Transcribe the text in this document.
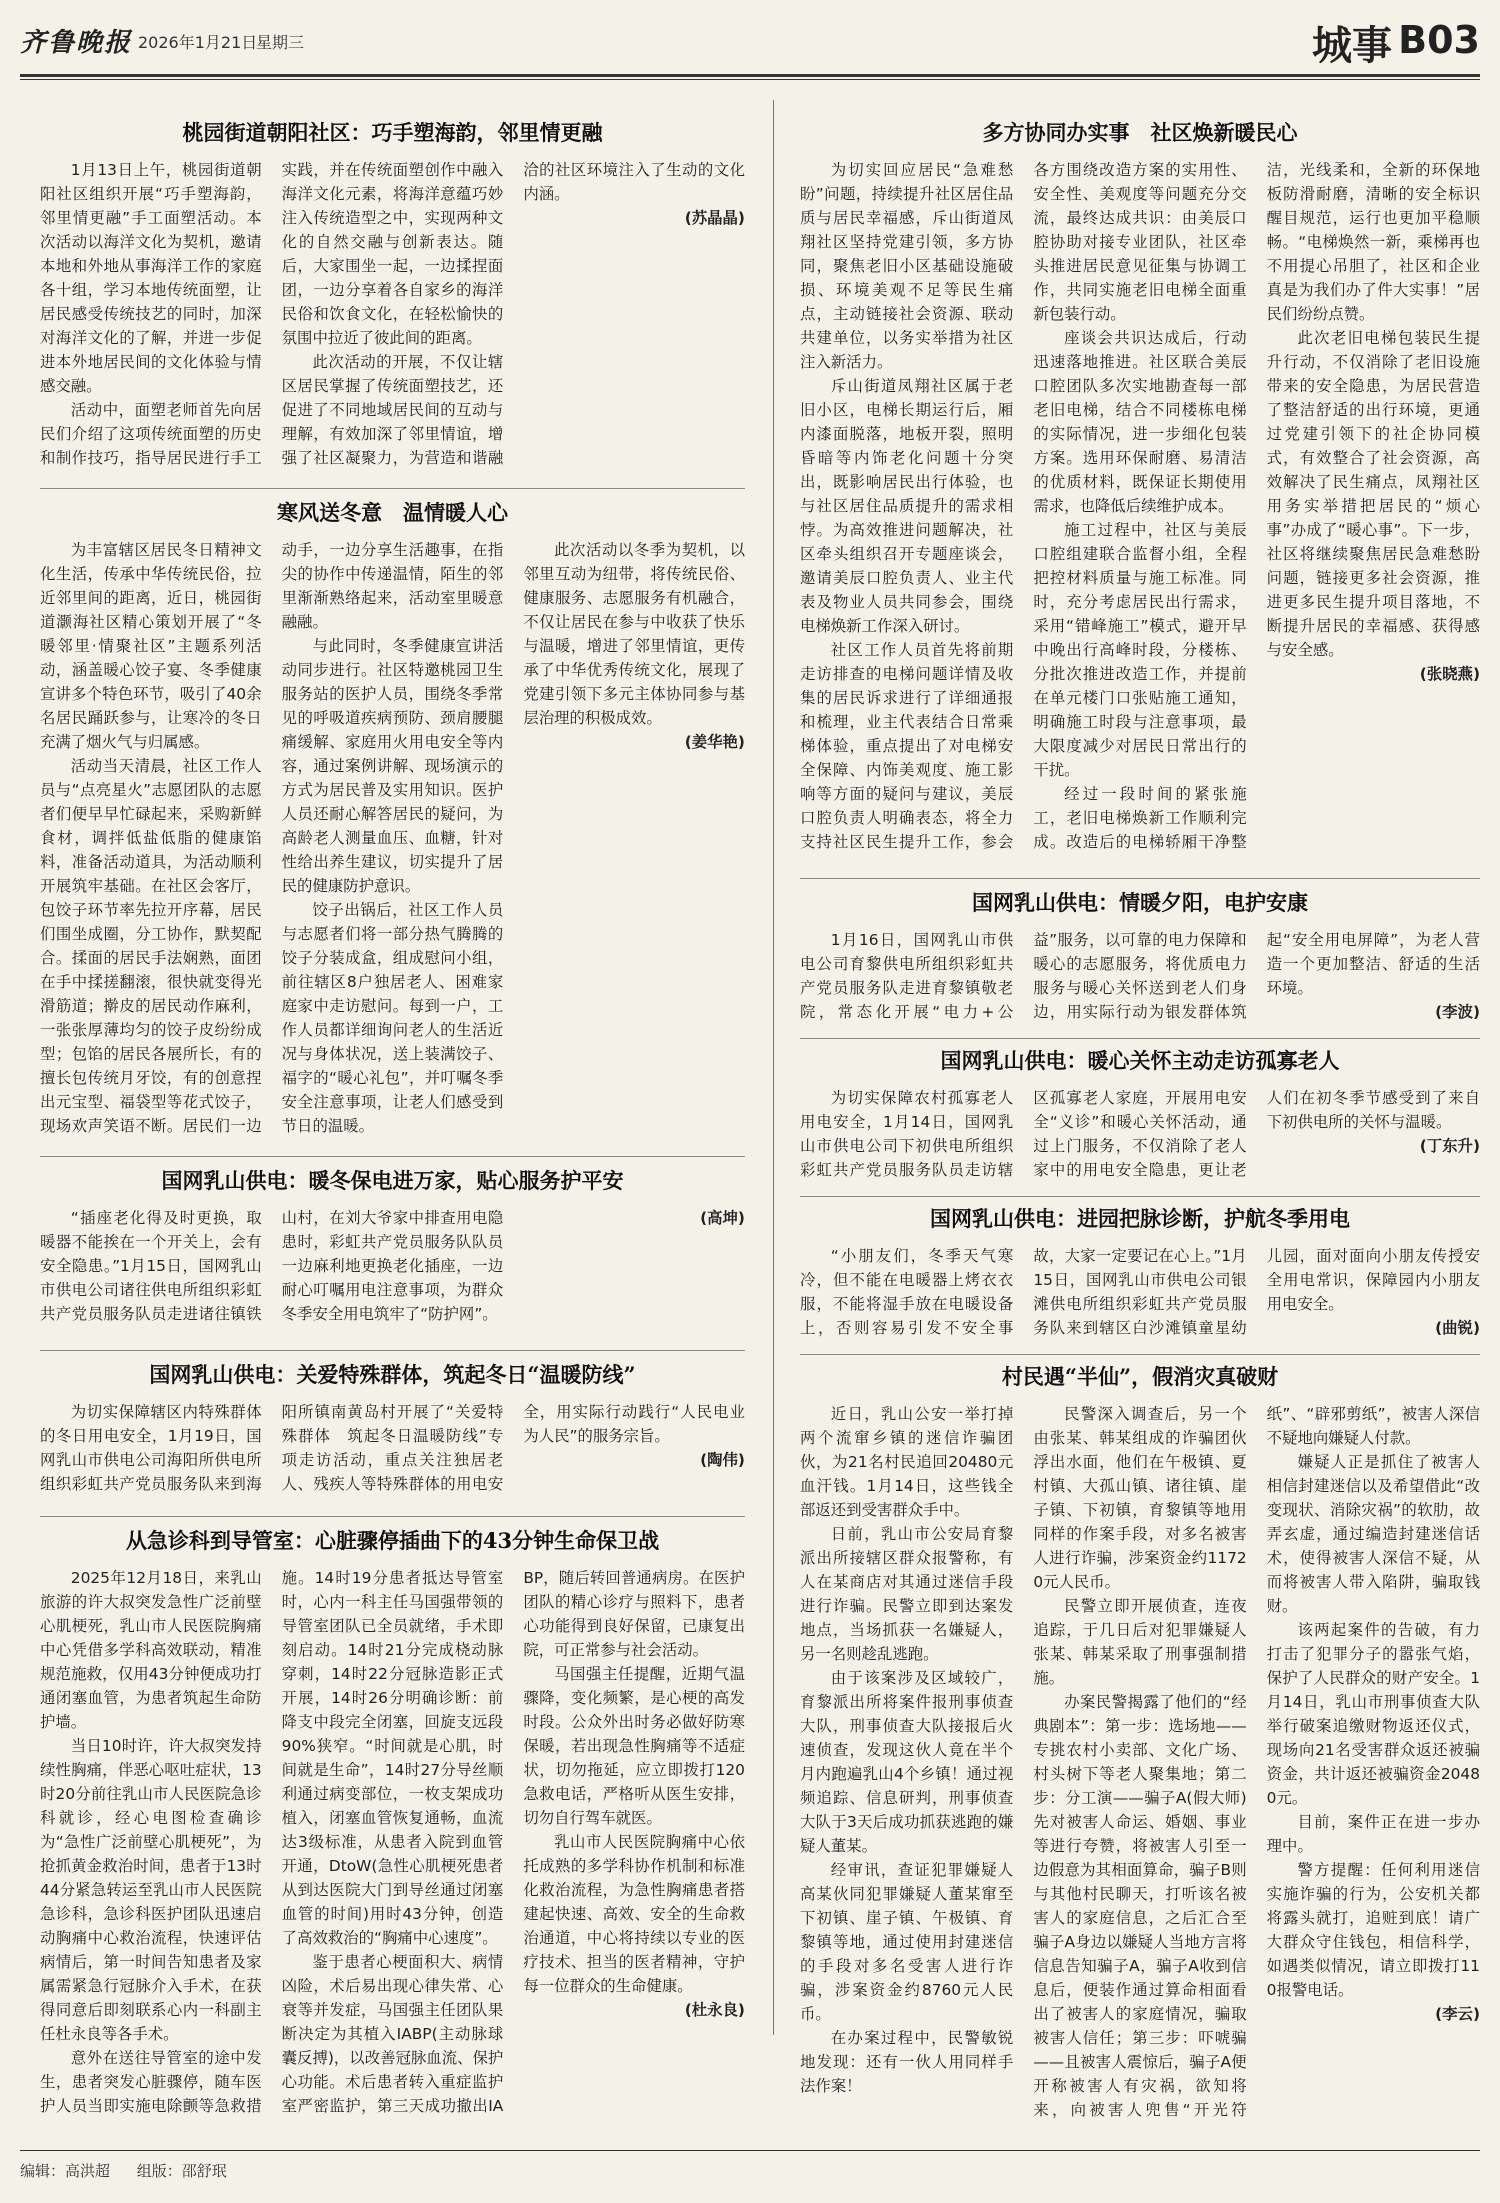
齐鲁晚报 2026年1月21日
星期三	城事 B03
桃园街道朝阳社区：巧手塑海韵，邻里情更融

1月13日上午，桃园街道朝阳社区组织开展“巧手塑海韵，邻里情更融”手工面塑活动。本次活动以海洋文化为契机，邀请本地和外地从事海洋工作的家庭各十组，学习本地传统面塑，让居民感受传统技艺的同时，加深对海洋文化的了解，并进一步促进本外地居民间的文化体验与情感交融。

活动中，面塑老师首先向居民们介绍了这项传统面塑的历史和制作技巧，指导居民进行手工实践，并在传统面塑创作中融入海洋文化元素，将海洋意蕴巧妙注入传统造型之中，实现两种文化的自然交融与创新表达。随后，大家围坐一起，一边揉捏面团，一边分享着各自家乡的海洋民俗和饮食文化，在轻松愉快的氛围中拉近了彼此间的距离。

此次活动的开展，不仅让辖区居民掌握了传统面塑技艺，还促进了不同地域居民间的互动与理解，有效加深了邻里情谊，增强了社区凝聚力，为营造和谐融洽的社区环境注入了生动的文化内涵。

(苏晶晶)
寒风送冬意　温情暖人心

为丰富辖区居民冬日精神文化生活，传承中华传统民俗，拉近邻里间的距离，近日，桃园街道灏海社区精心策划开展了“冬暖邻里·情聚社区”主题系列活动，涵盖暖心饺子宴、冬季健康宣讲多个特色环节，吸引了40余名居民踊跃参与，让寒冷的冬日充满了烟火气与归属感。

活动当天清晨，社区工作人员与“点亮星火”志愿团队的志愿者们便早早忙碌起来，采购新鲜食材，调拌低盐低脂的健康馅料，准备活动道具，为活动顺利开展筑牢基础。在社区会客厅，包饺子环节率先拉开序幕，居民们围坐成圈，分工协作，默契配合。揉面的居民手法娴熟，面团在手中揉搓翻滚，很快就变得光滑筋道；擀皮的居民动作麻利，一张张厚薄均匀的饺子皮纷纷成型；包馅的居民各展所长，有的擅长包传统月牙饺，有的创意捏出元宝型、福袋型等花式饺子，现场欢声笑语不断。居民们一边动手，一边分享生活趣事，在指尖的协作中传递温情，陌生的邻里渐渐熟络起来，活动室里暖意融融。

与此同时，冬季健康宣讲活动同步进行。社区特邀桃园卫生服务站的医护人员，围绕冬季常见的呼吸道疾病预防、颈肩腰腿痛缓解、家庭用火用电安全等内容，通过案例讲解、现场演示的方式为居民普及实用知识。医护人员还耐心解答居民的疑问，为高龄老人测量血压、血糖，针对性给出养生建议，切实提升了居民的健康防护意识。

饺子出锅后，社区工作人员与志愿者们将一部分热气腾腾的饺子分装成盒，组成慰问小组，前往辖区8户独居老人、困难家庭家中走访慰问。每到一户，工作人员都详细询问老人的生活近况与身体状况，送上装满饺子、福字的“暖心礼包”，并叮嘱冬季安全注意事项，让老人们感受到节日的温暖。

此次活动以冬季为契机，以邻里互动为纽带，将传统民俗、健康服务、志愿服务有机融合，不仅让居民在参与中收获了快乐与温暖，增进了邻里情谊，更传承了中华优秀传统文化，展现了党建引领下多元主体协同参与基层治理的积极成效。

(姜华艳)
国网乳山供电：暖冬保电进万家，贴心服务护平安

“插座老化得及时更换，取暖器不能挨在一个开关上，会有安全隐患。”1月15日，国网乳山市供电公司诸往供电所组织彩虹共产党员服务队员走进诸往镇铁山村，在刘大爷家中排查用电隐患时，彩虹共产党员服务队队员一边麻利地更换老化插座，一边耐心叮嘱用电注意事项，为群众冬季安全用电筑牢了“防护网”。

(高坤)
国网乳山供电：关爱特殊群体，筑起冬日“温暖防线”

为切实保障辖区内特殊群体的冬日用电安全，1月19日，国网乳山市供电公司海阳所供电所组织彩虹共产党员服务队来到海阳所镇南黄岛村开展了“关爱特殊群体　筑起冬日温暖防线”专项走访活动，重点关注独居老人、残疾人等特殊群体的用电安全，用实际行动践行“人民电业为人民”的服务宗旨。

(陶伟)
从急诊科到导管室：心脏骤停插曲下的43分钟生命保卫战

2025年12月18日，来乳山旅游的许大叔突发急性广泛前壁心肌梗死，乳山市人民医院胸痛中心凭借多学科高效联动，精准规范施救，仅用43分钟便成功打通闭塞血管，为患者筑起生命防护墙。

当日10时许，许大叔突发持续性胸痛，伴恶心呕吐症状，13时20分前往乳山市人民医院急诊科就诊，经心电图检查确诊为“急性广泛前壁心肌梗死”，为抢抓黄金救治时间，患者于13时44分紧急转运至乳山市人民医院急诊科，急诊科医护团队迅速启动胸痛中心救治流程，快速评估病情后，第一时间告知患者及家属需紧急行冠脉介入手术，在获得同意后即刻联系心内一科副主任杜永良等各手术。

意外在送往导管室的途中发生，患者突发心脏骤停，随车医护人员当即实施电除颤等急救措施。14时19分患者抵达导管室时，心内一科主任马国强带领的导管室团队已全员就绪，手术即刻启动。14时21分完成桡动脉穿刺，14时22分冠脉造影正式开展，14时26分明确诊断：前降支中段完全闭塞，回旋支远段90%狭窄。“时间就是心肌，时间就是生命”，14时27分导丝顺利通过病变部位，一枚支架成功植入，闭塞血管恢复通畅，血流达3级标准，从患者入院到血管开通，DtoW(急性心肌梗死患者从到达医院大门到导丝通过闭塞血管的时间)用时43分钟，创造了高效救治的“胸痛中心速度”。

鉴于患者心梗面积大、病情凶险，术后易出现心律失常、心衰等并发症，马国强主任团队果断决定为其植入IABP(主动脉球囊反搏)，以改善冠脉血流、保护心功能。术后患者转入重症监护室严密监护，第三天成功撤出IABP，随后转回普通病房。在医护团队的精心诊疗与照料下，患者心功能得到良好保留，已康复出院，可正常参与社会活动。

马国强主任提醒，近期气温骤降，变化频繁，是心梗的高发时段。公众外出时务必做好防寒保暖，若出现急性胸痛等不适症状，切勿拖延，应立即拨打120急救电话，严格听从医生安排，切勿自行驾车就医。

乳山市人民医院胸痛中心依托成熟的多学科协作机制和标准化救治流程，为急性胸痛患者搭建起快速、高效、安全的生命救治通道，中心将持续以专业的医疗技术、担当的医者精神，守护每一位群众的生命健康。

(杜永良)
多方协同办实事　社区焕新暖民心

为切实回应居民“急难愁盼”问题，持续提升社区居住品质与居民幸福感，斥山街道凤翔社区坚持党建引领，多方协同，聚焦老旧小区基础设施破损、环境美观不足等民生痛点，主动链接社会资源、联动共建单位，以务实举措为社区注入新活力。

斥山街道凤翔社区属于老旧小区，电梯长期运行后，厢内漆面脱落，地板开裂，照明昏暗等内饰老化问题十分突出，既影响居民出行体验，也与社区居住品质提升的需求相悖。为高效推进问题解决，社区牵头组织召开专题座谈会，邀请美辰口腔负责人、业主代表及物业人员共同参会，围绕电梯焕新工作深入研讨。

社区工作人员首先将前期走访排查的电梯问题详情及收集的居民诉求进行了详细通报和梳理，业主代表结合日常乘梯体验，重点提出了对电梯安全保障、内饰美观度、施工影响等方面的疑问与建议，美辰口腔负责人明确表态，将全力支持社区民生提升工作，参会各方围绕改造方案的实用性、安全性、美观度等问题充分交流，最终达成共识：由美辰口腔协助对接专业团队，社区牵头推进居民意见征集与协调工作，共同实施老旧电梯全面重新包装行动。

座谈会共识达成后，行动迅速落地推进。社区联合美辰口腔团队多次实地勘查每一部老旧电梯，结合不同楼栋电梯的实际情况，进一步细化包装方案。选用环保耐磨、易清洁的优质材料，既保证长期使用需求，也降低后续维护成本。

施工过程中，社区与美辰口腔组建联合监督小组，全程把控材料质量与施工标准。同时，充分考虑居民出行需求，采用“错峰施工”模式，避开早中晚出行高峰时段，分楼栋、分批次推进改造工作，并提前在单元楼门口张贴施工通知，明确施工时段与注意事项，最大限度减少对居民日常出行的干扰。

经过一段时间的紧张施工，老旧电梯焕新工作顺利完成。改造后的电梯轿厢干净整洁，光线柔和，全新的环保地板防滑耐磨，清晰的安全标识醒目规范，运行也更加平稳顺畅。“电梯焕然一新，乘梯再也不用提心吊胆了，社区和企业真是为我们办了件大实事！”居民们纷纷点赞。

此次老旧电梯包装民生提升行动，不仅消除了老旧设施带来的安全隐患，为居民营造了整洁舒适的出行环境，更通过党建引领下的社企协同模式，有效整合了社会资源，高效解决了民生痛点，凤翔社区用务实举措把居民的“烦心事”办成了“暖心事”。下一步，社区将继续聚焦居民急难愁盼问题，链接更多社会资源，推进更多民生提升项目落地，不断提升居民的幸福感、获得感与安全感。

(张晓燕)
国网乳山供电：情暖夕阳，电护安康

1月16日，国网乳山市供电公司育黎供电所组织彩虹共产党员服务队走进育黎镇敬老院，常态化开展“电力+公益”服务，以可靠的电力保障和暖心的志愿服务，将优质电力服务与暖心关怀送到老人们身边，用实际行动为银发群体筑起“安全用电屏障”，为老人营造一个更加整洁、舒适的生活环境。

(李波)
国网乳山供电：暖心关怀主动走访孤寡老人

为切实保障农村孤寡老人用电安全，1月14日，国网乳山市供电公司下初供电所组织彩虹共产党员服务队员走访辖区孤寡老人家庭，开展用电安全“义诊”和暖心关怀活动，通过上门服务，不仅消除了老人家中的用电安全隐患，更让老人们在初冬季节感受到了来自下初供电所的关怀与温暖。

(丁东升)
国网乳山供电：进园把脉诊断，护航冬季用电

“小朋友们，冬季天气寒冷，但不能在电暖器上烤衣衣服，不能将湿手放在电暖设备上，否则容易引发不安全事故，大家一定要记在心上。”1月15日，国网乳山市供电公司银滩供电所组织彩虹共产党员服务队来到辖区白沙滩镇童星幼儿园，面对面向小朋友传授安全用电常识，保障园内小朋友用电安全。

(曲锐)
村民遇“半仙”，假消灾真破财

近日，乳山公安一举打掉两个流窜乡镇的迷信诈骗团伙，为21名村民追回20480元血汗钱。1月14日，这些钱全部返还到受害群众手中。

日前，乳山市公安局育黎派出所接辖区群众报警称，有人在某商店对其通过迷信手段进行诈骗。民警立即到达案发地点，当场抓获一名嫌疑人，另一名则趁乱逃跑。

由于该案涉及区域较广，育黎派出所将案件报刑事侦查大队，刑事侦查大队接报后火速侦查，发现这伙人竟在半个月内跑遍乳山4个乡镇！通过视频追踪、信息研判，刑事侦查大队于3天后成功抓获逃跑的嫌疑人董某。

经审讯，查证犯罪嫌疑人高某伙同犯罪嫌疑人董某窜至下初镇、崖子镇、午极镇、育黎镇等地，通过使用封建迷信的手段对多名受害人进行诈骗，涉案资金约8760元人民币。

在办案过程中，民警敏锐地发现：还有一伙人用同样手法作案！

民警深入调查后，另一个由张某、韩某组成的诈骗团伙浮出水面，他们在午极镇、夏村镇、大孤山镇、诸往镇、崖子镇、下初镇，育黎镇等地用同样的作案手段，对多名被害人进行诈骗，涉案资金约11720元人民币。

民警立即开展侦查，连夜追踪，于几日后对犯罪嫌疑人张某、韩某采取了刑事强制措施。

办案民警揭露了他们的“经典剧本”：第一步：选场地——专挑农村小卖部、文化广场、村头树下等老人聚集地；第二步：分工演——骗子A(假大师)先对被害人命运、婚姻、事业等进行夸赞，将被害人引至一边假意为其相面算命，骗子B则与其他村民聊天，打听该名被害人的家庭信息，之后汇合至骗子A身边以嫌疑人当地方言将信息告知骗子A，骗子A收到信息后，便装作通过算命相面看出了被害人的家庭情况，骗取被害人信任；第三步：吓唬骗——且被害人震惊后，骗子A便开称被害人有灾祸，欲知将来，向被害人兜售“开光符纸”、“辟邪剪纸”，被害人深信不疑地向嫌疑人付款。

嫌疑人正是抓住了被害人相信封建迷信以及希望借此“改变现状、消除灾祸”的软肋，故弄玄虚，通过编造封建迷信话术，使得被害人深信不疑，从而将被害人带入陷阱，骗取钱财。

该两起案件的告破，有力打击了犯罪分子的嚣张气焰，保护了人民群众的财产安全。1月14日，乳山市刑事侦查大队举行破案追缴财物返还仪式，现场向21名受害群众返还被骗资金，共计返还被骗资金20480元。

目前，案件正在进一步办理中。

警方提醒：任何利用迷信实施诈骗的行为，公安机关都将露头就打，追赃到底！请广大群众守住钱包，相信科学，如遇类似情况，请立即拨打110报警电话。

(李云)
编辑：高洪超 组版：邵舒珉
